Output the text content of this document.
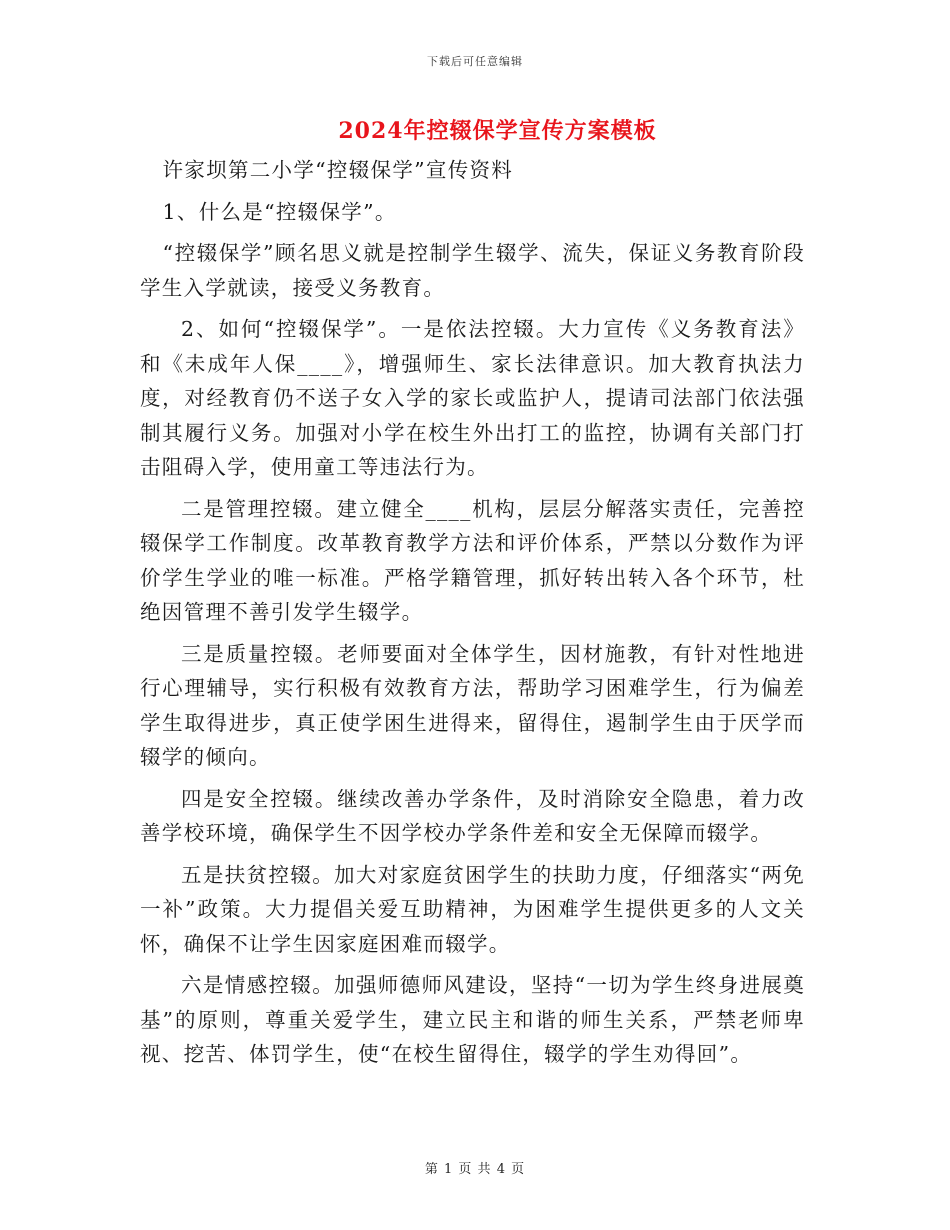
下载后可任意编辑
2024年控辍保学宣传方案模板

许家坝第二小学“控辍保学”宣传资料

1、什么是“控辍保学”。

“控辍保学”顾名思义就是控制学生辍学、流失，保证义务教育阶段学生入学就读，接受义务教育。

2、如何“控辍保学”。一是依法控辍。大力宣传《义务教育法》和《未成年人保____》，增强师生、家长法律意识。加大教育执法力度，对经教育仍不送子女入学的家长或监护人，提请司法部门依法强制其履行义务。加强对小学在校生外出打工的监控，协调有关部门打击阻碍入学，使用童工等违法行为。

二是管理控辍。建立健全____机构，层层分解落实责任，完善控辍保学工作制度。改革教育教学方法和评价体系，严禁以分数作为评价学生学业的唯一标准。严格学籍管理，抓好转出转入各个环节，杜绝因管理不善引发学生辍学。

三是质量控辍。老师要面对全体学生，因材施教，有针对性地进行心理辅导，实行积极有效教育方法，帮助学习困难学生，行为偏差学生取得进步，真正使学困生进得来，留得住，遏制学生由于厌学而辍学的倾向。

四是安全控辍。继续改善办学条件，及时消除安全隐患，着力改善学校环境，确保学生不因学校办学条件差和安全无保障而辍学。

五是扶贫控辍。加大对家庭贫困学生的扶助力度，仔细落实“两免一补”政策。大力提倡关爱互助精神，为困难学生提供更多的人文关怀，确保不让学生因家庭困难而辍学。

六是情感控辍。加强师德师风建设，坚持“一切为学生终身进展奠基”的原则，尊重关爱学生，建立民主和谐的师生关系，严禁老师卑视、挖苦、体罚学生，使“在校生留得住，辍学的学生劝得回”。

第 1 页 共 4 页
